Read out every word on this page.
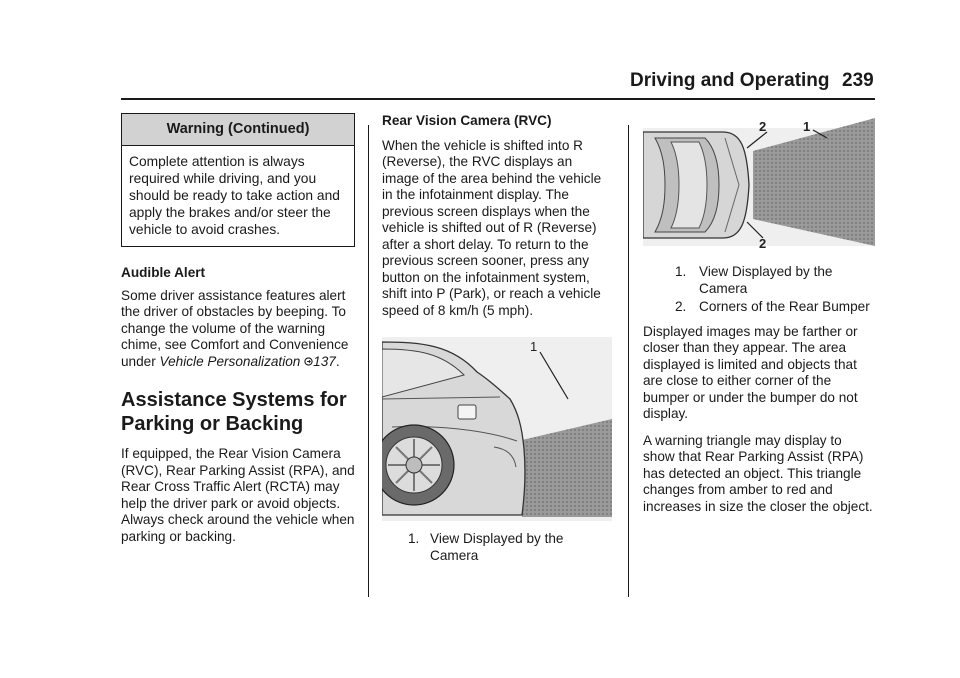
Driving and Operating 239
Warning (Continued)
Complete attention is always required while driving, and you should be ready to take action and apply the brakes and/or steer the vehicle to avoid crashes.
Audible Alert

Some driver assistance features alert the driver of obstacles by beeping. To change the volume of the warning chime, see Comfort and Convenience under Vehicle Personalization 137.

Assistance Systems for Parking or Backing

If equipped, the Rear Vision Camera (RVC), Rear Parking Assist (RPA), and Rear Cross Traffic Alert (RCTA) may help the driver park or avoid objects. Always check around the vehicle when parking or backing.

Rear Vision Camera (RVC)

When the vehicle is shifted into R (Reverse), the RVC displays an image of the area behind the vehicle in the infotainment display. The previous screen displays when the vehicle is shifted out of R (Reverse) after a short delay. To return to the previous screen sooner, press any button on the infotainment system, shift into P (Park), or reach a vehicle speed of 8 km/h (5 mph).

1
1. View Displayed by the Camera
2	1
2
1. View Displayed by the Camera
2. Corners of the Rear Bumper

Displayed images may be farther or closer than they appear. The area displayed is limited and objects that are close to either corner of the bumper or under the bumper do not display.

A warning triangle may display to show that Rear Parking Assist (RPA) has detected an object. This triangle changes from amber to red and increases in size the closer the object.
